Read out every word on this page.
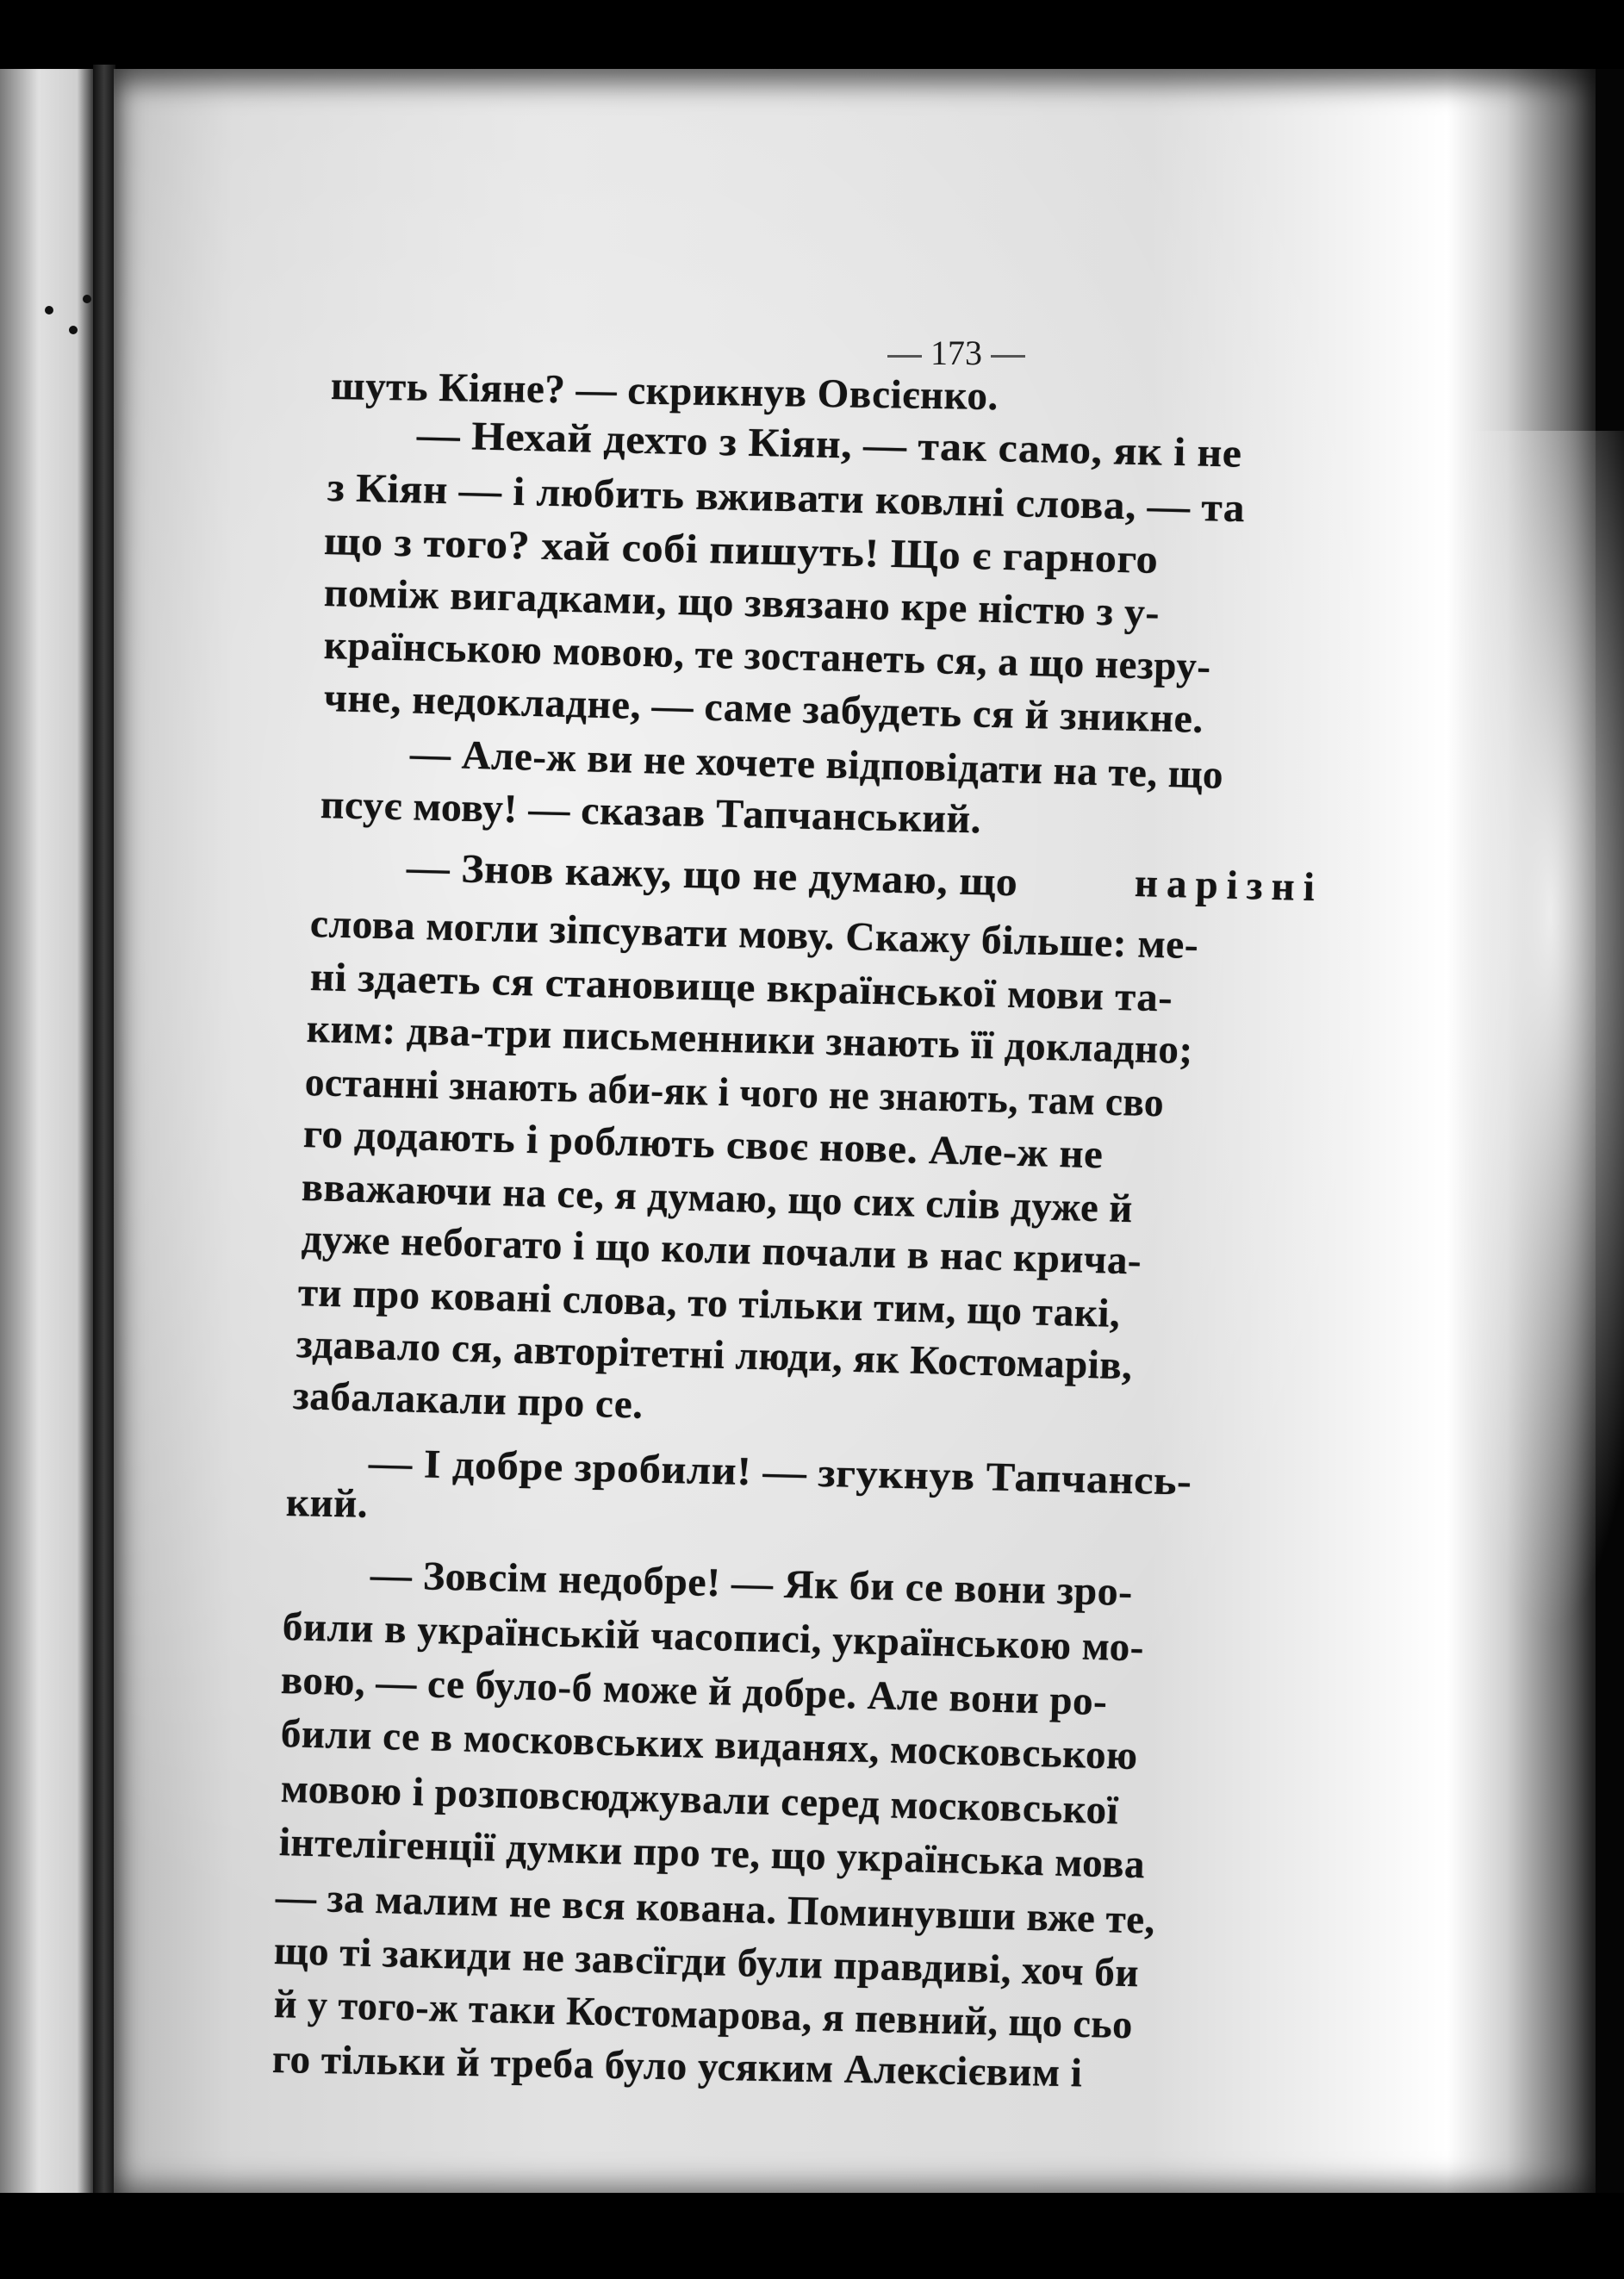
173
шуть Кіяне? — скрикнув Овсієнко.
— Нехай дехто з Кіян, — так само, як і не
з Кіян — і любить вживати ковлні слова, — та
що з того? хай собі пишуть! Що є гарного
поміж вигадками, що звязано кре ністю з у-
країнською мовою, те зостанеть ся, а що незру-
чне, недокладне, — саме забудеть ся й зникне.
— Але-ж ви не хочете відповідати на те, що
псує мову! — сказав Тапчанський.
— Знов кажу, що не думаю, що	нарізні
слова могли зіпсувати мову. Скажу більше: ме-
ні здаеть ся становище вкраїнської мови та-
ким: два-три письменники знають її докладно;
останні знають аби-як і чого не знають, там сво
го додають і роблють своє нове. Але-ж не
вважаючи на се, я думаю, що сих слів дуже й
дуже небогато і що коли почали в нас крича-
ти про ковані слова, то тільки тим, що такі,
здавало ся, авторітетні люди, як Костомарів,
забалакали про се.
— І добре зробили! — згукнув Тапчансь-
кий.
— Зовсім недобре! — Як би се вони зро-
били в українській часописі, українською мо-
вою, — се було-б може й добре. Але вони ро-
били се в московських виданях, московською
мовою і розповсюджували серед московської
інтелігенції думки про те, що українська мова
— за малим не вся кована. Поминувши вже те,
що ті закиди не завсїгди були правдиві, хоч би
й у того-ж таки Костомарова, я певний, що сьо
го тільки й треба було усяким Алексієвим і
